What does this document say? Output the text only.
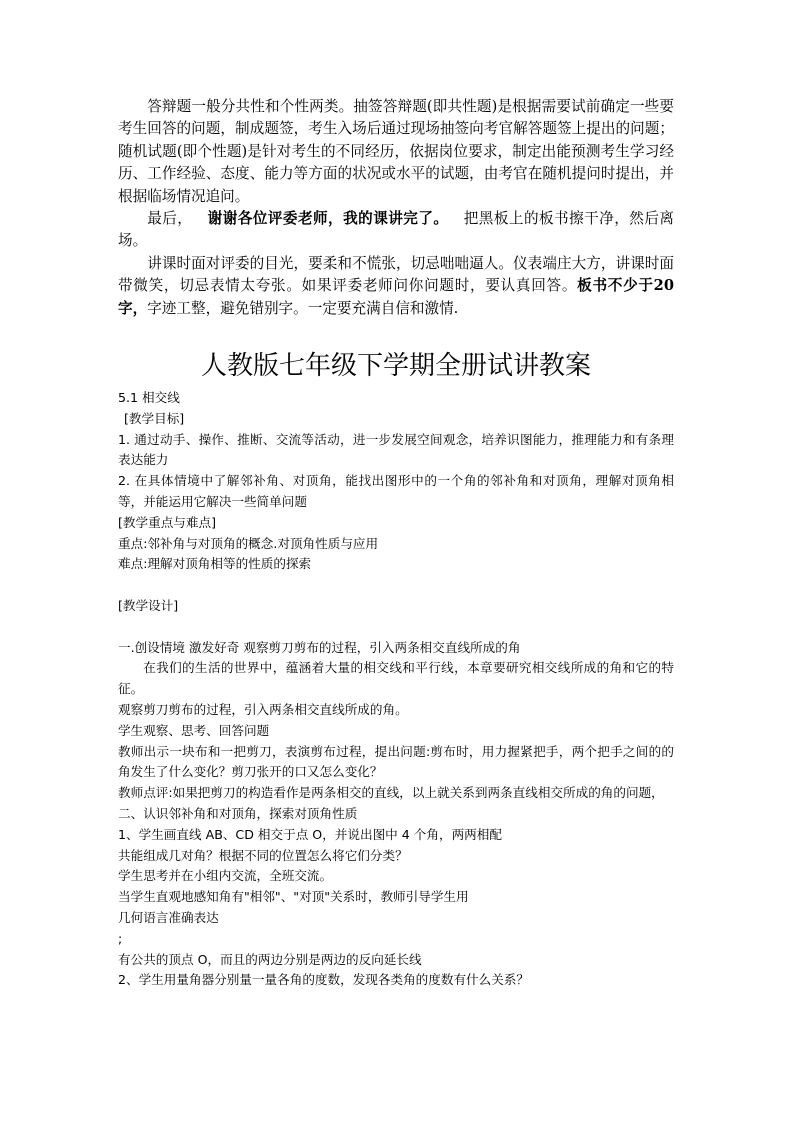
答辩题一般分共性和个性两类。抽签答辩题(即共性题)是根据需要试前确定一些要考生回答的问题，制成题签，考生入场后通过现场抽签向考官解答题签上提出的问题；随机试题(即个性题)是针对考生的不同经历，依据岗位要求，制定出能预测考生学习经历、工作经验、态度、能力等方面的状况或水平的试题，由考官在随机提问时提出，并根据临场情况追问。

最后， 谢谢各位评委老师，我的课讲完了。 把黑板上的板书擦干净，然后离场。

讲课时面对评委的目光，要柔和不慌张，切忌咄咄逼人。仪表端庄大方，讲课时面带微笑，切忌表情太夸张。如果评委老师问你问题时，要认真回答。板书不少于20字，字迹工整，避免错别字。一定要充满自信和激情.

人教版七年级下学期全册试讲教案
5.1 相交线
[教学目标]
1. 通过动手、操作、推断、交流等活动，进一步发展空间观念，培养识图能力，推理能力和有条理表达能力
2. 在具体情境中了解邻补角、对顶角，能找出图形中的一个角的邻补角和对顶角，理解对顶角相等，并能运用它解决一些简单问题
[教学重点与难点]
重点:邻补角与对顶角的概念.对顶角性质与应用
难点:理解对顶角相等的性质的探索
[教学设计]
一.创设情境 激发好奇 观察剪刀剪布的过程，引入两条相交直线所成的角
在我们的生活的世界中，蕴涵着大量的相交线和平行线，本章要研究相交线所成的角和它的特征。
观察剪刀剪布的过程，引入两条相交直线所成的角。
学生观察、思考、回答问题
教师出示一块布和一把剪刀，表演剪布过程，提出问题:剪布时，用力握紧把手，两个把手之间的的角发生了什么变化？剪刀张开的口又怎么变化？
教师点评:如果把剪刀的构造看作是两条相交的直线，以上就关系到两条直线相交所成的角的问题，
二、认识邻补角和对顶角，探索对顶角性质
1、学生画直线 AB、CD 相交于点 O，并说出图中 4 个角，两两相配
共能组成几对角？根据不同的位置怎么将它们分类？
学生思考并在小组内交流，全班交流。
当学生直观地感知角有"相邻"、"对顶"关系时，教师引导学生用
几何语言准确表达
;
有公共的顶点 O，而且的两边分别是两边的反向延长线
2、学生用量角器分别量一量各角的度数，发现各类角的度数有什么关系？
